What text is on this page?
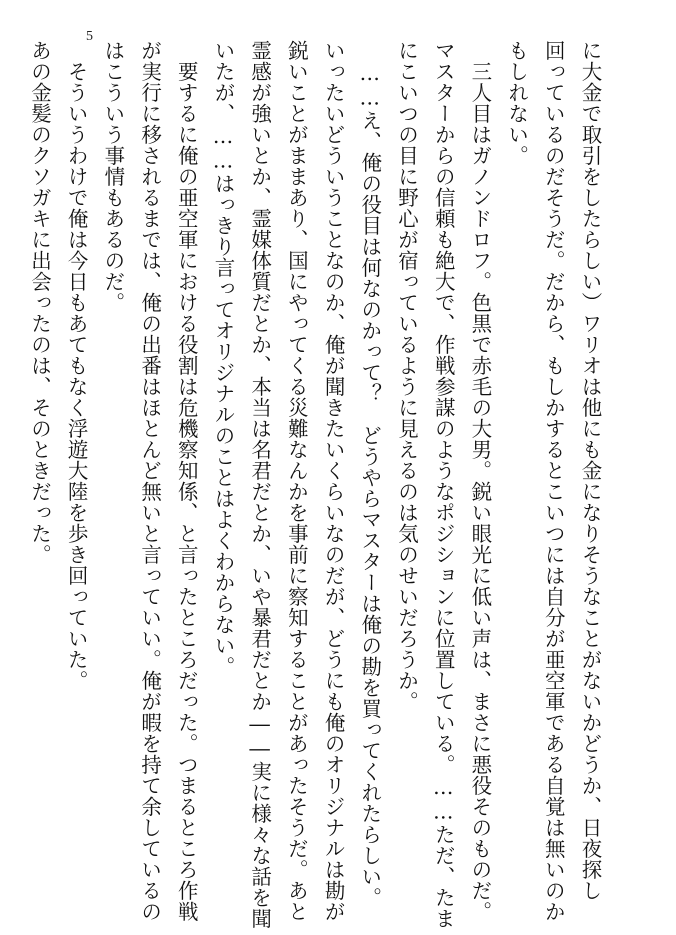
5
に大金で取引をしたらしい）ワリオは他にも金になりそうなことがないかどうか、日夜探し
回っているのだそうだ。だから、もしかするとこいつには自分が亜空軍である自覚は無いのか
もしれない。
三人目はガノンドロフ。色黒で赤毛の大男。鋭い眼光に低い声は、まさに悪役そのものだ。
マスターからの信頼も絶大で、作戦参謀のようなポジションに位置している。……ただ、たま
にこいつの目に野心が宿っているように見えるのは気のせいだろうか。
……え、俺の役目は何なのかって？　どうやらマスターは俺の勘を買ってくれたらしい。
いったいどういうことなのか、俺が聞きたいくらいなのだが、どうにも俺のオリジナルは勘が
鋭いことがままあり、国にやってくる災難なんかを事前に察知することがあったそうだ。あと
霊感が強いとか、霊媒体質だとか、本当は名君だとか、いや暴君だとか――実に様々な話を聞
いたが、……はっきり言ってオリジナルのことはよくわからない。
要するに俺の亜空軍における役割は危機察知係、と言ったところだった。つまるところ作戦
が実行に移されるまでは、俺の出番はほとんど無いと言っていい。俺が暇を持て余しているの
はこういう事情もあるのだ。
そういうわけで俺は今日もあてもなく浮遊大陸を歩き回っていた。
あの金髪のクソガキに出会ったのは、そのときだった。
